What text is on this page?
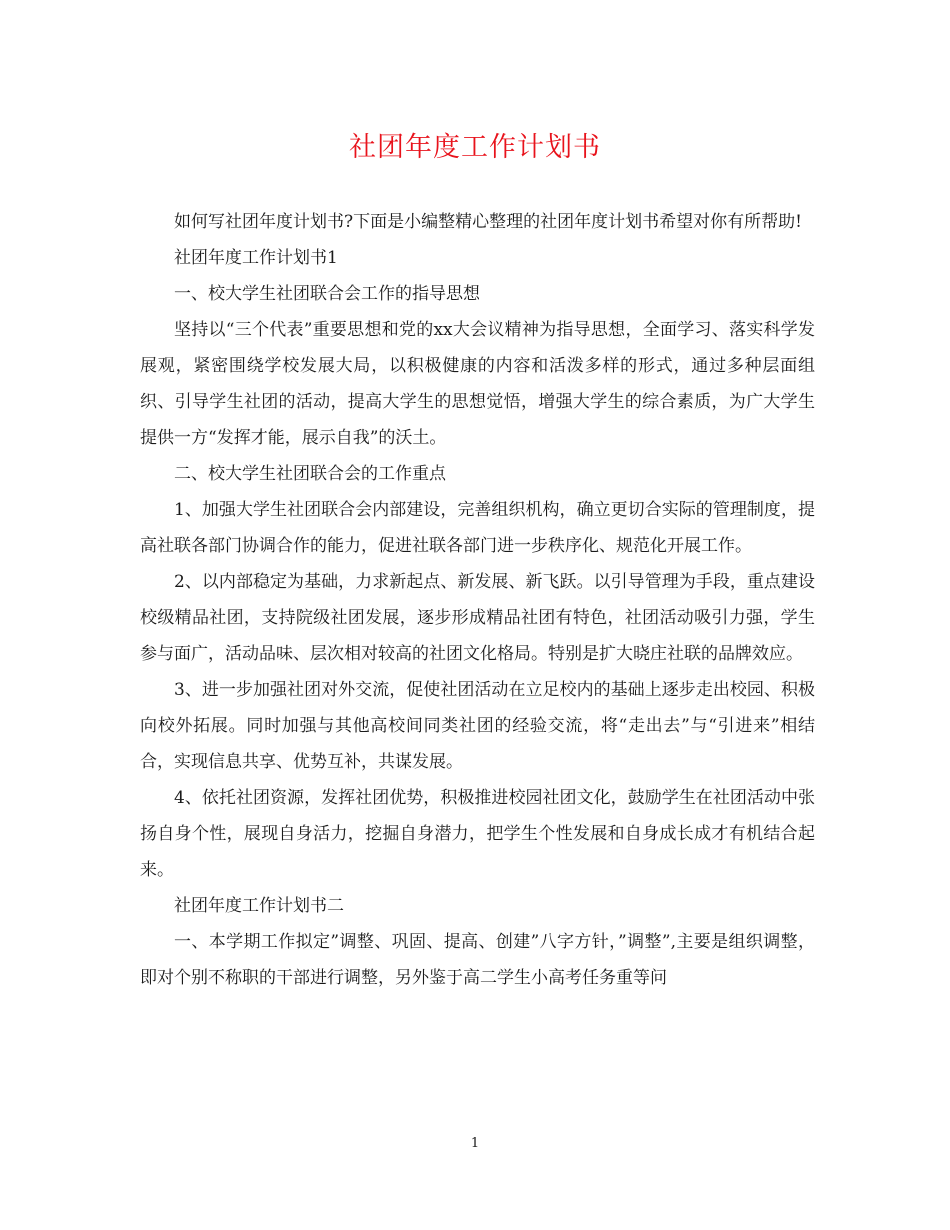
社团年度工作计划书

如何写社团年度计划书?下面是小编整精心整理的社团年度计划书希望对你有所帮助!

社团年度工作计划书1

一、校大学生社团联合会工作的指导思想

坚持以“三个代表”重要思想和党的xx大会议精神为指导思想，全面学习、落实科学发展观，紧密围绕学校发展大局，以积极健康的内容和活泼多样的形式，通过多种层面组织、引导学生社团的活动，提高大学生的思想觉悟，增强大学生的综合素质，为广大学生提供一方“发挥才能，展示自我”的沃土。

二、校大学生社团联合会的工作重点

1、加强大学生社团联合会内部建设，完善组织机构，确立更切合实际的管理制度，提高社联各部门协调合作的能力，促进社联各部门进一步秩序化、规范化开展工作。

2、以内部稳定为基础，力求新起点、新发展、新飞跃。以引导管理为手段，重点建设校级精品社团，支持院级社团发展，逐步形成精品社团有特色，社团活动吸引力强，学生参与面广，活动品味、层次相对较高的社团文化格局。特别是扩大晓庄社联的品牌效应。

3、进一步加强社团对外交流，促使社团活动在立足校内的基础上逐步走出校园、积极向校外拓展。同时加强与其他高校间同类社团的经验交流，将“走出去”与“引进来”相结合，实现信息共享、优势互补，共谋发展。

4、依托社团资源，发挥社团优势，积极推进校园社团文化，鼓励学生在社团活动中张扬自身个性，展现自身活力，挖掘自身潜力，把学生个性发展和自身成长成才有机结合起来。

社团年度工作计划书二

一、本学期工作拟定”调整、巩固、提高、创建”八字方针，”调整”,主要是组织调整，即对个别不称职的干部进行调整，另外鉴于高二学生小高考任务重等问

1
